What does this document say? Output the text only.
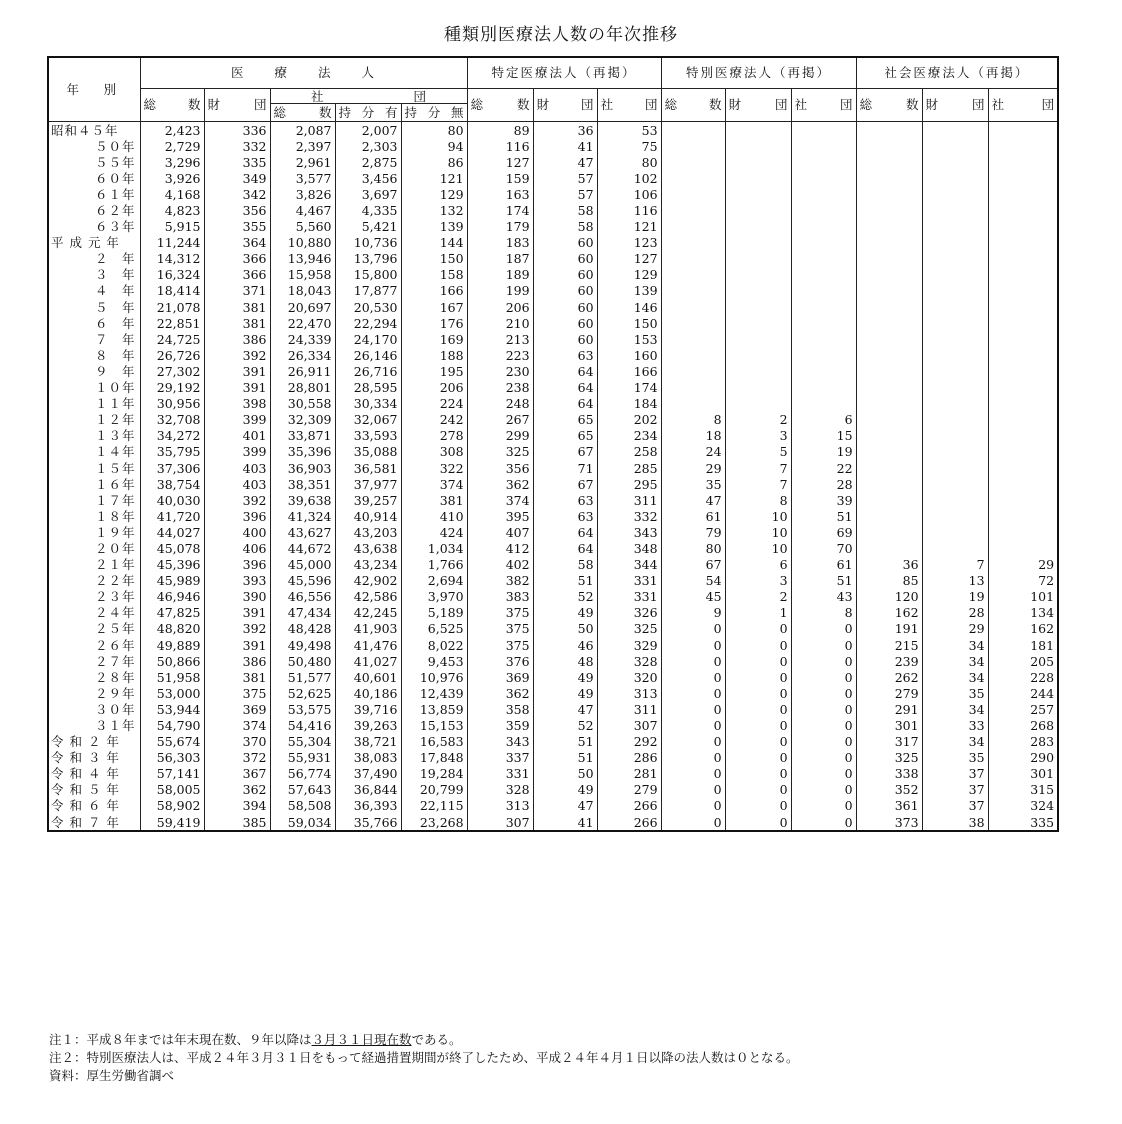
種類別医療法人数の年次推移
年　別	医　　療　　法　　人					特定医療法人（再掲）			特別医療法人（再掲）			社会医療法人（再掲）		
	総　　数	財　　団	社 団			総　　数	財　　団	社　　団	総　　数	財　　団	社　　団	総　　数	財　　団	社　　団
			総　　数	持 分 有	持 分 無									
昭和４５年	2,423	336	2,087	2,007	80	89	36	53						
５０年	2,729	332	2,397	2,303	94	116	41	75						
５５年	3,296	335	2,961	2,875	86	127	47	80						
６０年	3,926	349	3,577	3,456	121	159	57	102						
６１年	4,168	342	3,826	3,697	129	163	57	106						
６２年	4,823	356	4,467	4,335	132	174	58	116						
６３年	5,915	355	5,560	5,421	139	179	58	121						
平 成 元 年	11,244	364	10,880	10,736	144	183	60	123						
２　年	14,312	366	13,946	13,796	150	187	60	127						
３　年	16,324	366	15,958	15,800	158	189	60	129						
４　年	18,414	371	18,043	17,877	166	199	60	139						
５　年	21,078	381	20,697	20,530	167	206	60	146						
６　年	22,851	381	22,470	22,294	176	210	60	150						
７　年	24,725	386	24,339	24,170	169	213	60	153						
８　年	26,726	392	26,334	26,146	188	223	63	160						
９　年	27,302	391	26,911	26,716	195	230	64	166						
１０年	29,192	391	28,801	28,595	206	238	64	174						
１１年	30,956	398	30,558	30,334	224	248	64	184						
１２年	32,708	399	32,309	32,067	242	267	65	202	8	2	6			
１３年	34,272	401	33,871	33,593	278	299	65	234	18	3	15			
１４年	35,795	399	35,396	35,088	308	325	67	258	24	5	19			
１５年	37,306	403	36,903	36,581	322	356	71	285	29	7	22			
１６年	38,754	403	38,351	37,977	374	362	67	295	35	7	28			
１７年	40,030	392	39,638	39,257	381	374	63	311	47	8	39			
１８年	41,720	396	41,324	40,914	410	395	63	332	61	10	51			
１９年	44,027	400	43,627	43,203	424	407	64	343	79	10	69			
２０年	45,078	406	44,672	43,638	1,034	412	64	348	80	10	70			
２１年	45,396	396	45,000	43,234	1,766	402	58	344	67	6	61	36	7	29
２２年	45,989	393	45,596	42,902	2,694	382	51	331	54	3	51	85	13	72
２３年	46,946	390	46,556	42,586	3,970	383	52	331	45	2	43	120	19	101
２４年	47,825	391	47,434	42,245	5,189	375	49	326	9	1	8	162	28	134
２５年	48,820	392	48,428	41,903	6,525	375	50	325	0	0	0	191	29	162
２６年	49,889	391	49,498	41,476	8,022	375	46	329	0	0	0	215	34	181
２７年	50,866	386	50,480	41,027	9,453	376	48	328	0	0	0	239	34	205
２８年	51,958	381	51,577	40,601	10,976	369	49	320	0	0	0	262	34	228
２９年	53,000	375	52,625	40,186	12,439	362	49	313	0	0	0	279	35	244
３０年	53,944	369	53,575	39,716	13,859	358	47	311	0	0	0	291	34	257
３１年	54,790	374	54,416	39,263	15,153	359	52	307	0	0	0	301	33	268
令 和 ２ 年	55,674	370	55,304	38,721	16,583	343	51	292	0	0	0	317	34	283
令 和 ３ 年	56,303	372	55,931	38,083	17,848	337	51	286	0	0	0	325	35	290
令 和 ４ 年	57,141	367	56,774	37,490	19,284	331	50	281	0	0	0	338	37	301
令 和 ５ 年	58,005	362	57,643	36,844	20,799	328	49	279	0	0	0	352	37	315
令 和 ６ 年	58,902	394	58,508	36,393	22,115	313	47	266	0	0	0	361	37	324
令 和 ７ 年	59,419	385	59,034	35,766	23,268	307	41	266	0	0	0	373	38	335
注１：平成８年までは年末現在数、９年以降は３月３１日現在数である。
注２：特別医療法人は、平成２４年３月３１日をもって経過措置期間が終了したため、平成２４年４月１日以降の法人数は０となる。
資料：厚生労働省調べ
